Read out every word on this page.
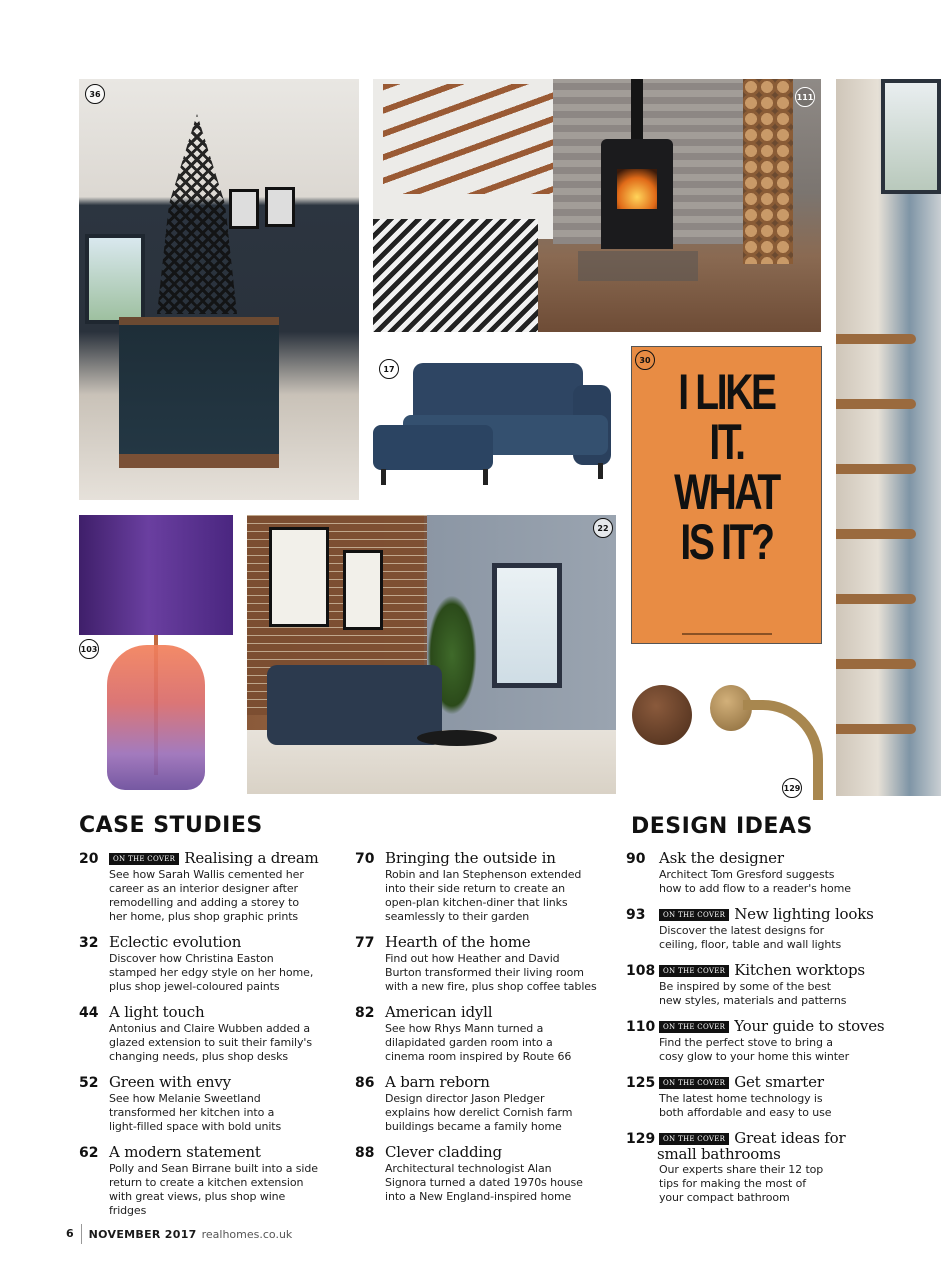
36	111
17	I LIKE
IT.
WHAT
IS IT?
30
103
22
129
CASE STUDIES
20	ON THE COVER Realising a dream
See how Sarah Wallis cemented her
career as an interior designer after
remodelling and adding a storey to
her home, plus shop graphic prints
32 Eclectic evolution
Discover how Christina Easton
stamped her edgy style on her home,
plus shop jewel-coloured paints
44 A light touch
Antonius and Claire Wubben added a
glazed extension to suit their family's
changing needs, plus shop desks
52 Green with envy
See how Melanie Sweetland
transformed her kitchen into a
light-filled space with bold units
62 A modern statement
Polly and Sean Birrane built into a side
return to create a kitchen extension
with great views, plus shop wine fridges
70 Bringing the outside in
Robin and Ian Stephenson extended
into their side return to create an
open-plan kitchen-diner that links
seamlessly to their garden
77 Hearth of the home
Find out how Heather and David
Burton transformed their living room
with a new fire, plus shop coffee tables
82 American idyll
See how Rhys Mann turned a
dilapidated garden room into a
cinema room inspired by Route 66
86 A barn reborn
Design director Jason Pledger
explains how derelict Cornish farm
buildings became a family home
88 Clever cladding
Architectural technologist Alan
Signora turned a dated 1970s house
into a New England-inspired home
DESIGN IDEAS
90 Ask the designer
Architect Tom Gresford suggests
how to add flow to a reader's home
93	ON THE COVER New lighting looks
Discover the latest designs for
ceiling, floor, table and wall lights
108	ON THE COVER Kitchen worktops
Be inspired by some of the best
new styles, materials and patterns
110	ON THE COVER Your guide to stoves
Find the perfect stove to bring a
cosy glow to your home this winter
125	ON THE COVER Get smarter
The latest home technology is
both affordable and easy to use
129	ON THE COVER Great ideas for
small bathrooms
Our experts share their 12 top
tips for making the most of
your compact bathroom
6	NOVEMBER 2017 realhomes.co.uk
